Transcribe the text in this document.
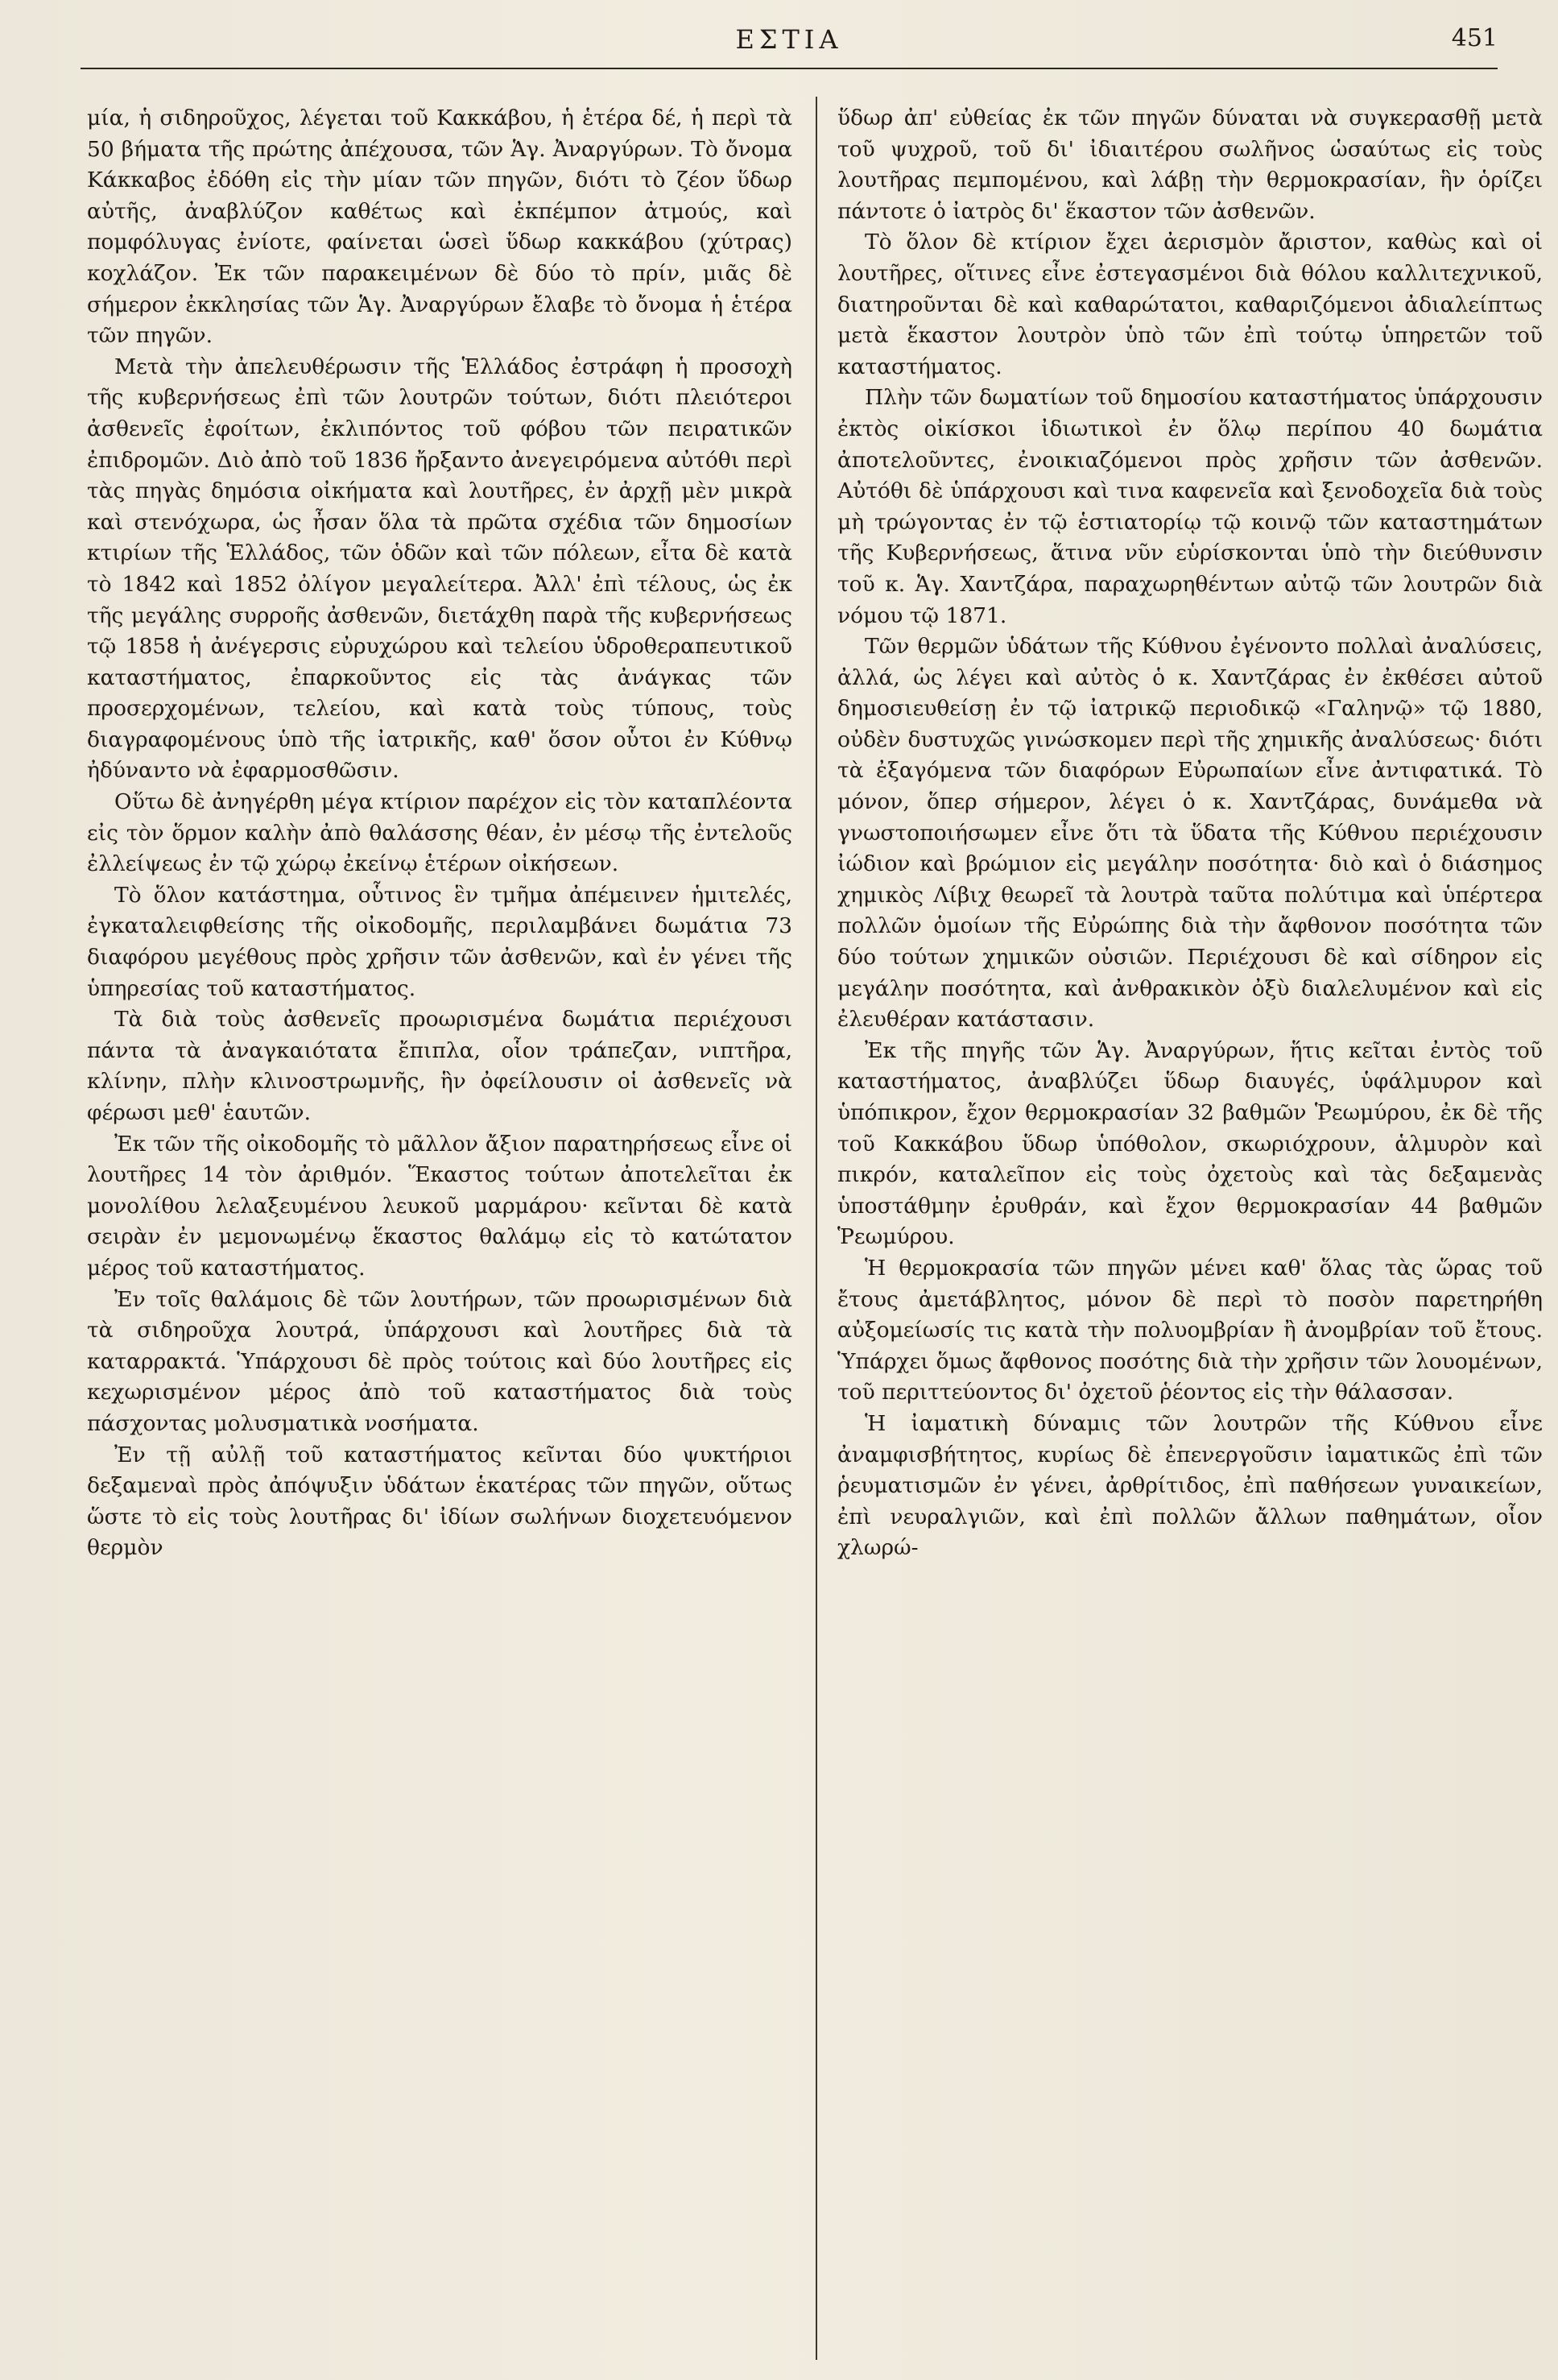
ΕΣΤΙΑ	451

μία, ἡ σιδηροῦχος, λέγεται τοῦ Κακκάβου, ἡ ἑτέρα δέ, ἡ περὶ τὰ 50 βήματα τῆς πρώτης ἀπέχουσα, τῶν Ἁγ. Ἀναργύρων. Τὸ ὄνομα Κάκκαβος ἐδόθη εἰς τὴν μίαν τῶν πηγῶν, διότι τὸ ζέον ὕδωρ αὐτῆς, ἀναβλύζον καθέτως καὶ ἐκπέμπον ἀτμούς, καὶ πομφόλυγας ἐνίοτε, φαίνεται ὡσεὶ ὕδωρ κακκάβου (χύτρας) κοχλάζον. Ἐκ τῶν παρακειμένων δὲ δύο τὸ πρίν, μιᾶς δὲ σήμερον ἐκκλησίας τῶν Ἁγ. Ἀναργύρων ἔλαβε τὸ ὄνομα ἡ ἑτέρα τῶν πηγῶν.

Μετὰ τὴν ἀπελευθέρωσιν τῆς Ἑλλάδος ἐστράφη ἡ προσοχὴ τῆς κυβερνήσεως ἐπὶ τῶν λουτρῶν τούτων, διότι πλειότεροι ἀσθενεῖς ἐφοίτων, ἐκλιπόντος τοῦ φόβου τῶν πειρατικῶν ἐπιδρομῶν. Διὸ ἀπὸ τοῦ 1836 ἤρξαντο ἀνεγειρόμενα αὐτόθι περὶ τὰς πηγὰς δημόσια οἰκήματα καὶ λουτῆρες, ἐν ἀρχῇ μὲν μικρὰ καὶ στενόχωρα, ὡς ἦσαν ὅλα τὰ πρῶτα σχέδια τῶν δημοσίων κτιρίων τῆς Ἑλλάδος, τῶν ὁδῶν καὶ τῶν πόλεων, εἶτα δὲ κατὰ τὸ 1842 καὶ 1852 ὀλίγον μεγαλείτερα. Ἀλλ' ἐπὶ τέλους, ὡς ἐκ τῆς μεγάλης συρροῆς ἀσθενῶν, διετάχθη παρὰ τῆς κυβερνήσεως τῷ 1858 ἡ ἀνέγερσις εὐρυχώρου καὶ τελείου ὑδροθεραπευτικοῦ καταστήματος, ἐπαρκοῦντος εἰς τὰς ἀνάγκας τῶν προσερχομένων, τελείου, καὶ κατὰ τοὺς τύπους, τοὺς διαγραφομένους ὑπὸ τῆς ἰατρικῆς, καθ' ὅσον οὗτοι ἐν Κύθνῳ ἠδύναντο νὰ ἐφαρμοσθῶσιν.

Οὕτω δὲ ἀνηγέρθη μέγα κτίριον παρέχον εἰς τὸν καταπλέοντα εἰς τὸν ὅρμον καλὴν ἀπὸ θαλάσσης θέαν, ἐν μέσῳ τῆς ἐντελοῦς ἐλλείψεως ἐν τῷ χώρῳ ἐκείνῳ ἑτέρων οἰκήσεων.

Τὸ ὅλον κατάστημα, οὗτινος ἓν τμῆμα ἀπέμεινεν ἡμιτελές, ἐγκαταλειφθείσης τῆς οἰκοδομῆς, περιλαμβάνει δωμάτια 73 διαφόρου μεγέθους πρὸς χρῆσιν τῶν ἀσθενῶν, καὶ ἐν γένει τῆς ὑπηρεσίας τοῦ καταστήματος.

Τὰ διὰ τοὺς ἀσθενεῖς προωρισμένα δωμάτια περιέχουσι πάντα τὰ ἀναγκαιότατα ἔπιπλα, οἷον τράπεζαν, νιπτῆρα, κλίνην, πλὴν κλινοστρωμνῆς, ἣν ὀφείλουσιν οἱ ἀσθενεῖς νὰ φέρωσι μεθ' ἑαυτῶν.

Ἐκ τῶν τῆς οἰκοδομῆς τὸ μᾶλλον ἄξιον παρατηρήσεως εἶνε οἱ λουτῆρες 14 τὸν ἀριθμόν. Ἕκαστος τούτων ἀποτελεῖται ἐκ μονολίθου λελαξευμένου λευκοῦ μαρμάρου· κεῖνται δὲ κατὰ σειρὰν ἐν μεμονωμένῳ ἕκαστος θαλάμῳ εἰς τὸ κατώτατον μέρος τοῦ καταστήματος.

Ἐν τοῖς θαλάμοις δὲ τῶν λουτήρων, τῶν προωρισμένων διὰ τὰ σιδηροῦχα λουτρά, ὑπάρχουσι καὶ λουτῆρες διὰ τὰ καταρρακτά. Ὑπάρχουσι δὲ πρὸς τούτοις καὶ δύο λουτῆρες εἰς κεχωρισμένον μέρος ἀπὸ τοῦ καταστήματος διὰ τοὺς πάσχοντας μολυσματικὰ νοσήματα.

Ἐν τῇ αὐλῇ τοῦ καταστήματος κεῖνται δύο ψυκτήριοι δεξαμεναὶ πρὸς ἀπόψυξιν ὑδάτων ἑκατέρας τῶν πηγῶν, οὕτως ὥστε τὸ εἰς τοὺς λουτῆρας δι' ἰδίων σωλήνων διοχετευόμενον θερμὸν

ὕδωρ ἀπ' εὐθείας ἐκ τῶν πηγῶν δύναται νὰ συγκερασθῇ μετὰ τοῦ ψυχροῦ, τοῦ δι' ἰδιαιτέρου σωλῆνος ὡσαύτως εἰς τοὺς λουτῆρας πεμπομένου, καὶ λάβῃ τὴν θερμοκρασίαν, ἣν ὁρίζει πάντοτε ὁ ἰατρὸς δι' ἕκαστον τῶν ἀσθενῶν.

Τὸ ὅλον δὲ κτίριον ἔχει ἀερισμὸν ἄριστον, καθὼς καὶ οἱ λουτῆρες, οἵτινες εἶνε ἐστεγασμένοι διὰ θόλου καλλιτεχνικοῦ, διατηροῦνται δὲ καὶ καθαρώτατοι, καθαριζόμενοι ἀδιαλείπτως μετὰ ἕκαστον λουτρὸν ὑπὸ τῶν ἐπὶ τούτῳ ὑπηρετῶν τοῦ καταστήματος.

Πλὴν τῶν δωματίων τοῦ δημοσίου καταστήματος ὑπάρχουσιν ἐκτὸς οἰκίσκοι ἰδιωτικοὶ ἐν ὅλῳ περίπου 40 δωμάτια ἀποτελοῦντες, ἐνοικιαζόμενοι πρὸς χρῆσιν τῶν ἀσθενῶν. Αὐτόθι δὲ ὑπάρχουσι καὶ τινα καφενεῖα καὶ ξενοδοχεῖα διὰ τοὺς μὴ τρώγοντας ἐν τῷ ἑστιατορίῳ τῷ κοινῷ τῶν καταστημάτων τῆς Κυβερνήσεως, ἅτινα νῦν εὑρίσκονται ὑπὸ τὴν διεύθυνσιν τοῦ κ. Ἁγ. Χαντζάρα, παραχωρηθέντων αὐτῷ τῶν λουτρῶν διὰ νόμου τῷ 1871.

Τῶν θερμῶν ὑδάτων τῆς Κύθνου ἐγένοντο πολλαὶ ἀναλύσεις, ἀλλά, ὡς λέγει καὶ αὐτὸς ὁ κ. Χαντζάρας ἐν ἐκθέσει αὐτοῦ δημοσιευθείσῃ ἐν τῷ ἰατρικῷ περιοδικῷ «Γαληνῷ» τῷ 1880, οὐδὲν δυστυχῶς γινώσκομεν περὶ τῆς χημικῆς ἀναλύσεως· διότι τὰ ἐξαγόμενα τῶν διαφόρων Εὐρωπαίων εἶνε ἀντιφατικά. Τὸ μόνον, ὅπερ σήμερον, λέγει ὁ κ. Χαντζάρας, δυνάμεθα νὰ γνωστοποιήσωμεν εἶνε ὅτι τὰ ὕδατα τῆς Κύθνου περιέχουσιν ἰώδιον καὶ βρώμιον εἰς μεγάλην ποσότητα· διὸ καὶ ὁ διάσημος χημικὸς Λίβιχ θεωρεῖ τὰ λουτρὰ ταῦτα πολύτιμα καὶ ὑπέρτερα πολλῶν ὁμοίων τῆς Εὐρώπης διὰ τὴν ἄφθονον ποσότητα τῶν δύο τούτων χημικῶν οὐσιῶν. Περιέχουσι δὲ καὶ σίδηρον εἰς μεγάλην ποσότητα, καὶ ἀνθρακικὸν ὀξὺ διαλελυμένον καὶ εἰς ἐλευθέραν κατάστασιν.

Ἐκ τῆς πηγῆς τῶν Ἁγ. Ἀναργύρων, ἥτις κεῖται ἐντὸς τοῦ καταστήματος, ἀναβλύζει ὕδωρ διαυγές, ὑφάλμυρον καὶ ὑπόπικρον, ἔχον θερμοκρασίαν 32 βαθμῶν Ῥεωμύρου, ἐκ δὲ τῆς τοῦ Κακκάβου ὕδωρ ὑπόθολον, σκωριόχρουν, ἁλμυρὸν καὶ πικρόν, καταλεῖπον εἰς τοὺς ὀχετοὺς καὶ τὰς δεξαμενὰς ὑποστάθμην ἐρυθράν, καὶ ἔχον θερμοκρασίαν 44 βαθμῶν Ῥεωμύρου.

Ἡ θερμοκρασία τῶν πηγῶν μένει καθ' ὅλας τὰς ὥρας τοῦ ἔτους ἀμετάβλητος, μόνον δὲ περὶ τὸ ποσὸν παρετηρήθη αὐξομείωσίς τις κατὰ τὴν πολυομβρίαν ἢ ἀνομβρίαν τοῦ ἔτους. Ὑπάρχει ὅμως ἄφθονος ποσότης διὰ τὴν χρῆσιν τῶν λουομένων, τοῦ περιττεύοντος δι' ὀχετοῦ ῥέοντος εἰς τὴν θάλασσαν.

Ἡ ἰαματικὴ δύναμις τῶν λουτρῶν τῆς Κύθνου εἶνε ἀναμφισβήτητος, κυρίως δὲ ἐπενεργοῦσιν ἰαματικῶς ἐπὶ τῶν ῥευματισμῶν ἐν γένει, ἀρθρίτιδος, ἐπὶ παθήσεων γυναικείων, ἐπὶ νευραλγιῶν, καὶ ἐπὶ πολλῶν ἄλλων παθημάτων, οἷον χλωρώ-
